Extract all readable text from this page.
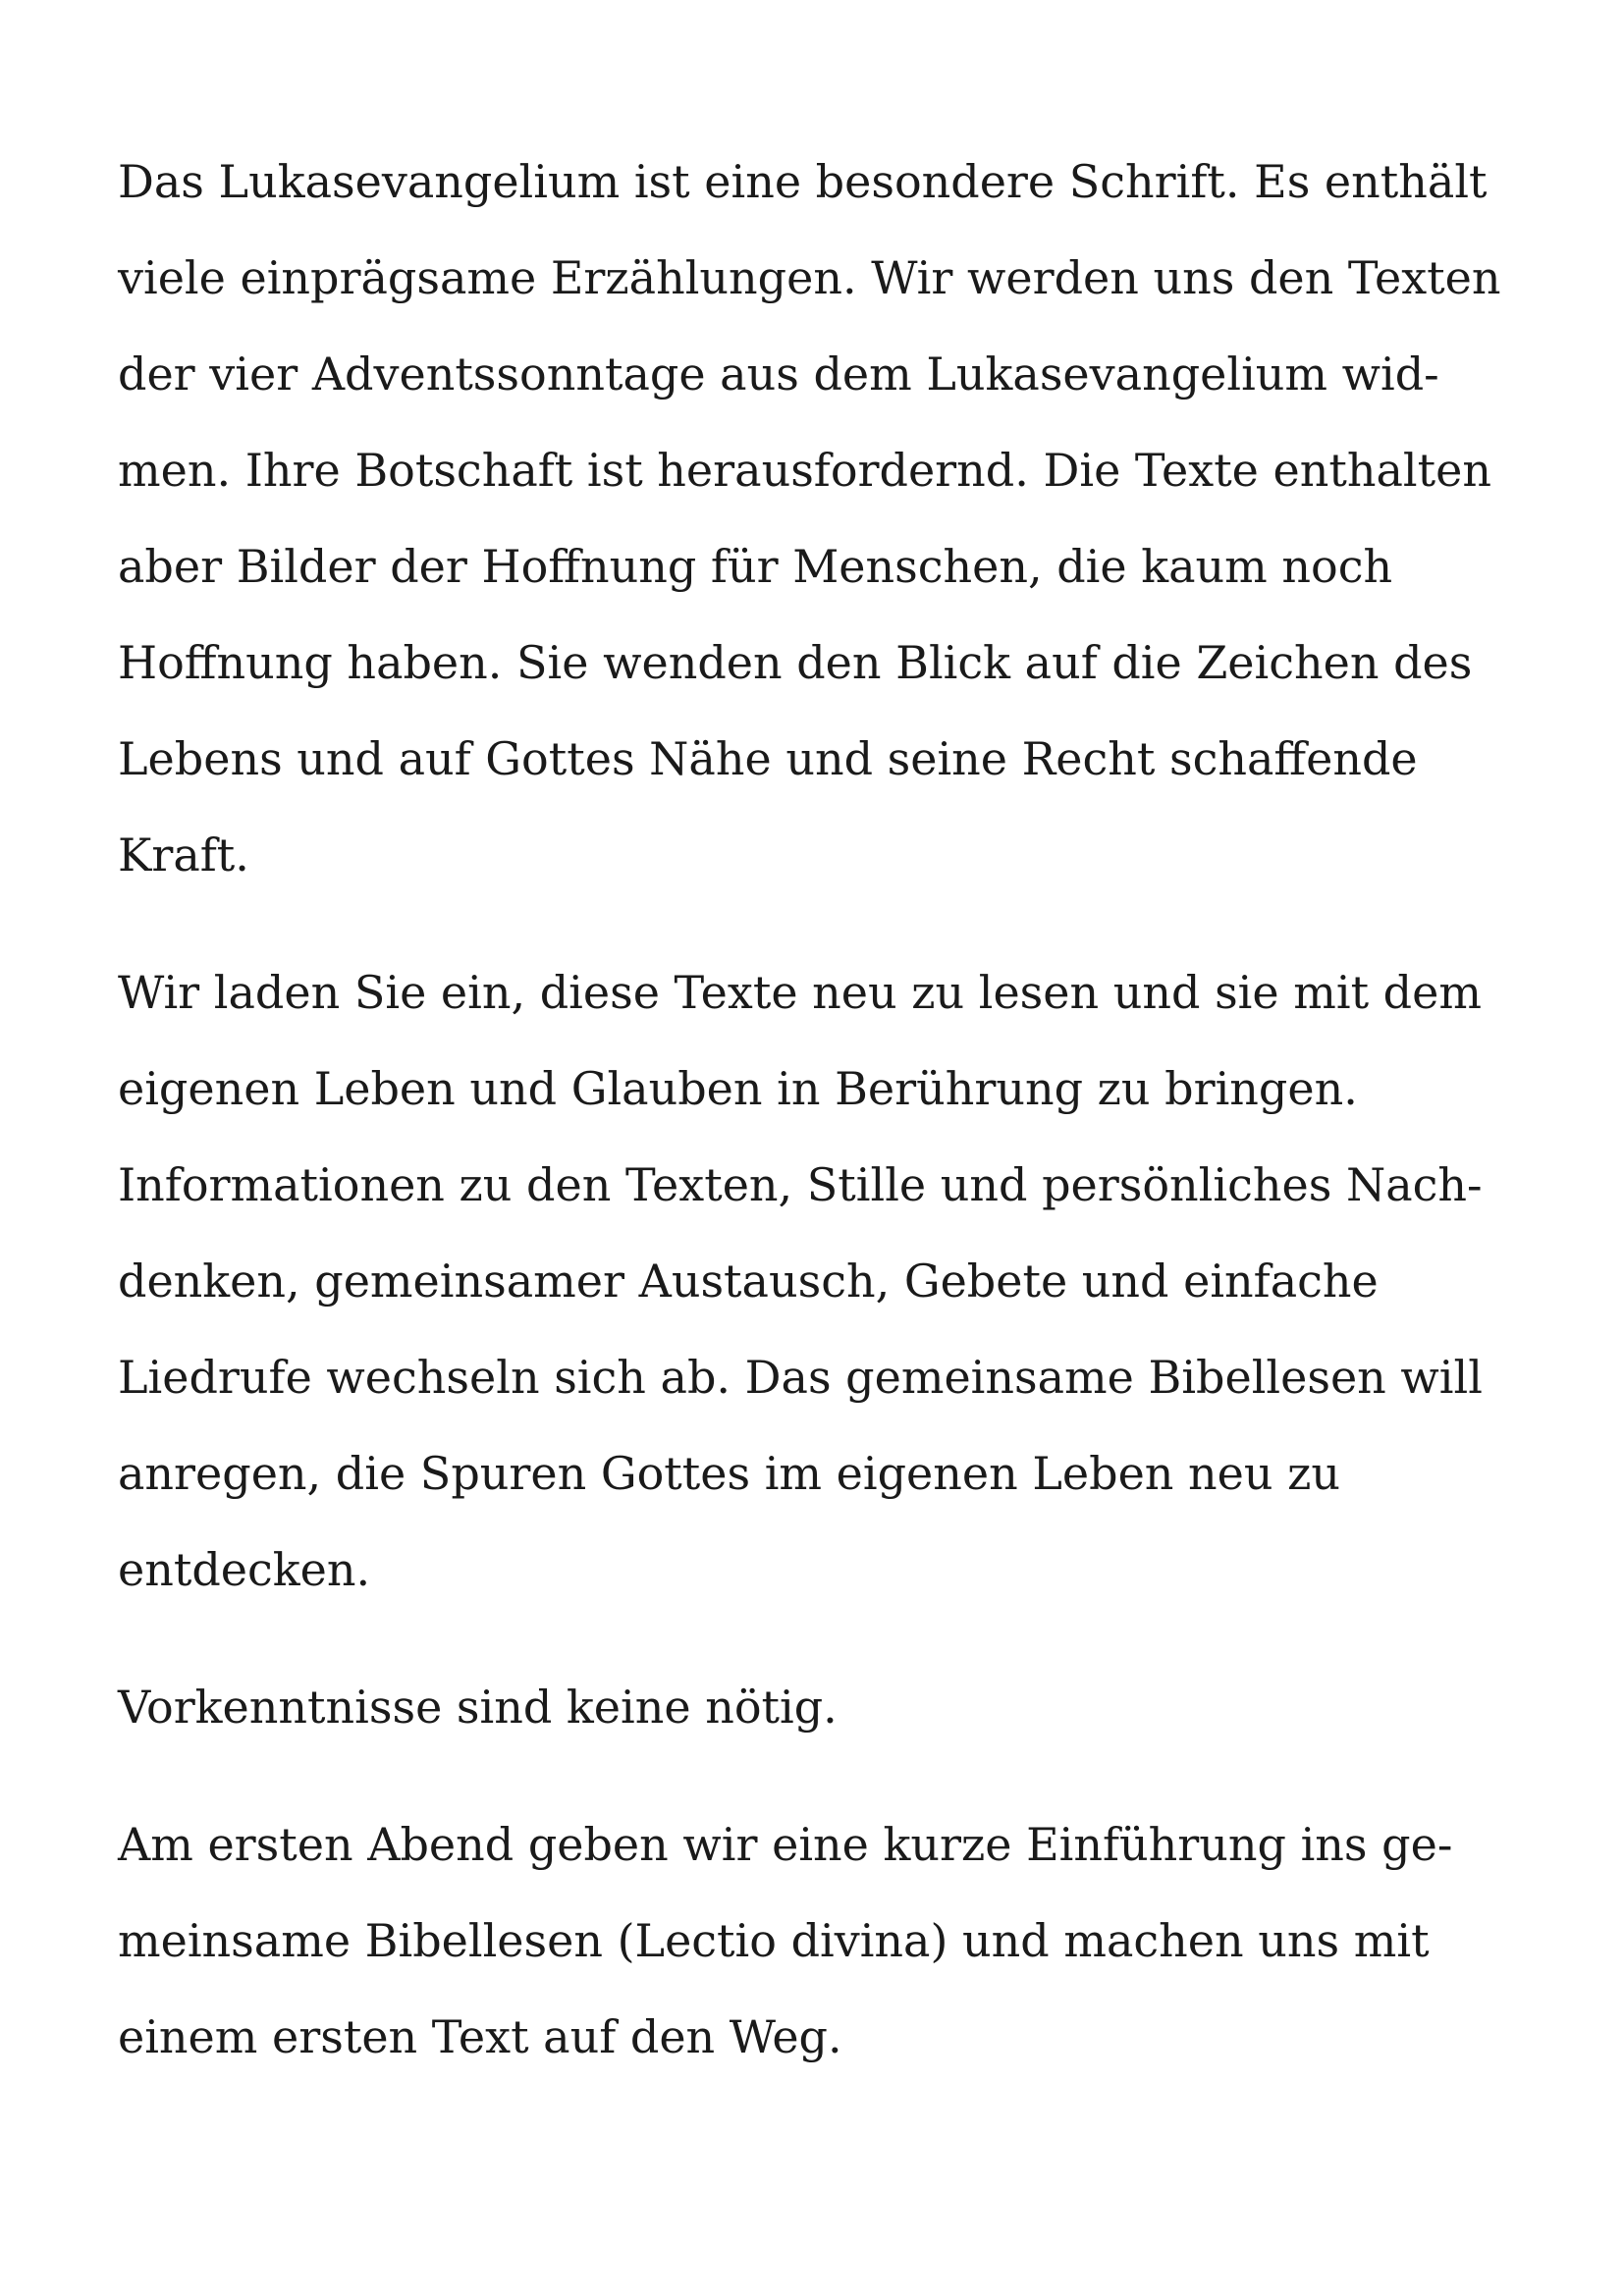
Das Lukasevangelium ist eine besondere Schrift. Es enthält
viele einprägsame Erzählungen. Wir werden uns den Texten
der vier Adventssonntage aus dem Lukasevangelium wid-
men. Ihre Botschaft ist herausfordernd. Die Texte enthalten
aber Bilder der Hoffnung für Menschen, die kaum noch
Hoffnung haben. Sie wenden den Blick auf die Zeichen des
Lebens und auf Gottes Nähe und seine Recht schaffende
Kraft.

Wir laden Sie ein, diese Texte neu zu lesen und sie mit dem
eigenen Leben und Glauben in Berührung zu bringen.
Informationen zu den Texten, Stille und persönliches Nach-
denken, gemeinsamer Austausch, Gebete und einfache
Liedrufe wechseln sich ab. Das gemeinsame Bibellesen will
anregen, die Spuren Gottes im eigenen Leben neu zu
entdecken.

Vorkenntnisse sind keine nötig.

Am ersten Abend geben wir eine kurze Einführung ins ge-
meinsame Bibellesen (Lectio divina) und machen uns mit
einem ersten Text auf den Weg.
